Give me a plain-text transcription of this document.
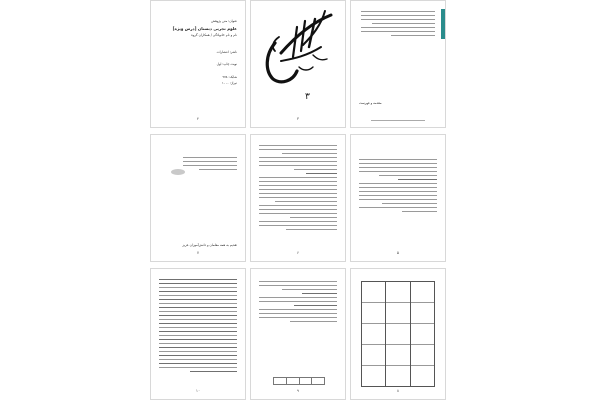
عنوان: متن پژوهش
علوم تجربی دبستان [درس ویژه]
نام و نام خانوادگی / همکاران گروه
ناشر: انتشارات
نوبت چاپ: اول
شابک: ۹۷۸
تیراژ: ۱۰۰۰
۴
۳
۳
مقدمه و فهرست
تقدیم به همه معلمان و دانش‌آموزان عزیز
۷	۶	۵
۱۰	۹	۸
